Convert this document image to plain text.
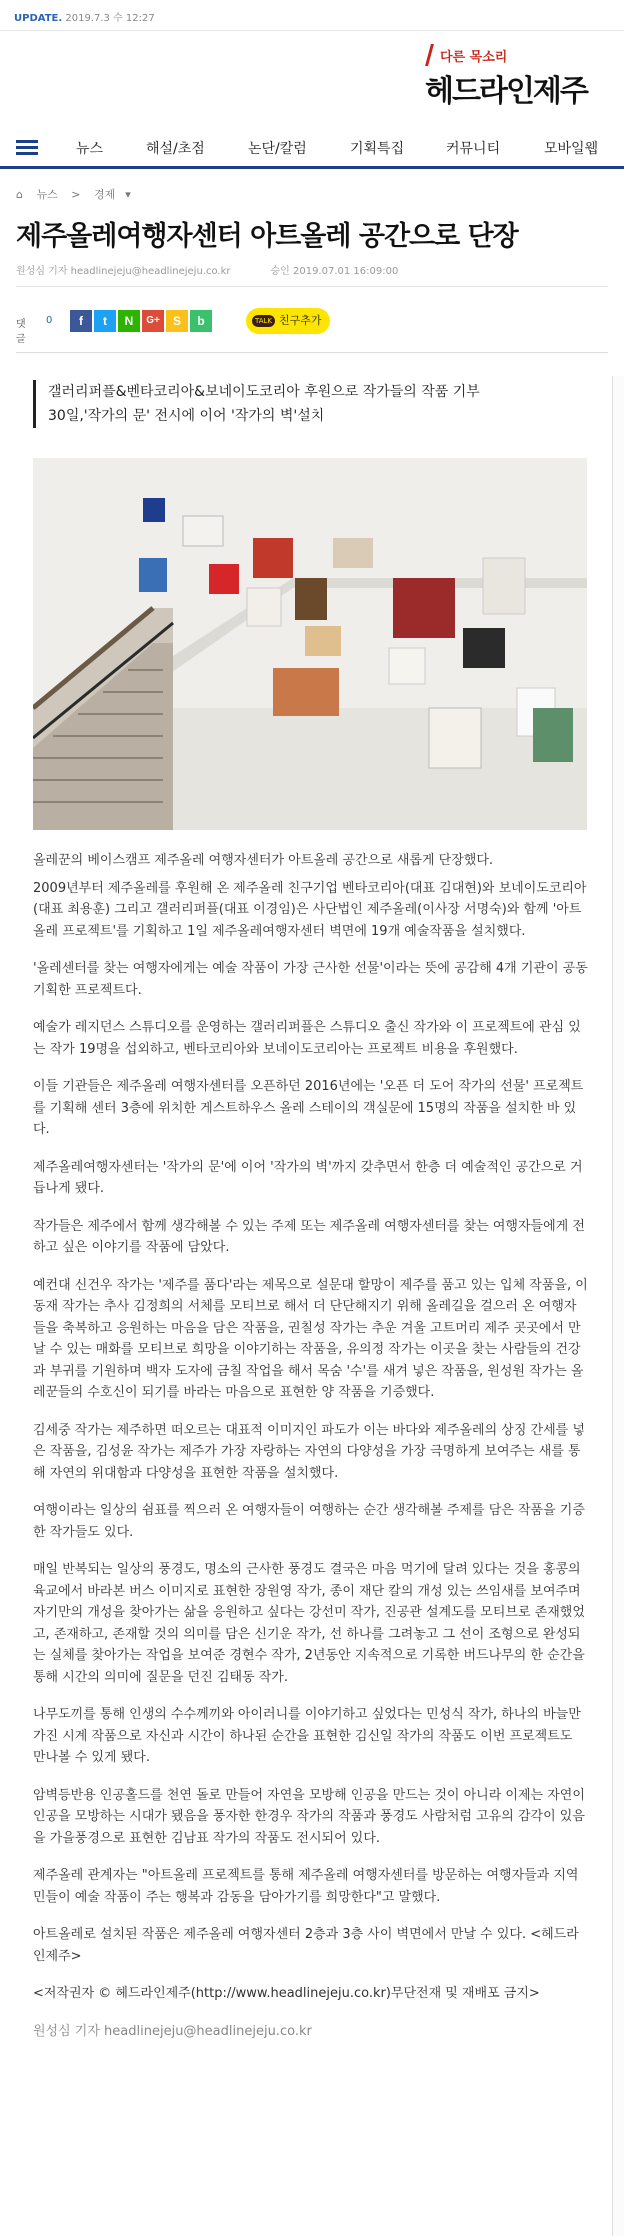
UPDATE. 2019.7.3 수 12:27
다른 목소리
헤드라인제주
뉴스	해설/초점	논단/칼럼	기획특집	커뮤니티	모바일웹
⌂ 뉴스 > 경제 ▾
제주올레여행자센터 아트올레 공간으로 단장
원성심 기자 headlinejeju@headlinejeju.co.kr	승인 2019.07.01 16:09:00
댓글
0	f	t	N	G+	S	b	TALK 친구추가
갤러리퍼플&벤타코리아&보네이도코리아 후원으로 작가들의 작품 기부
30일,'작가의 문' 전시에 이어 '작가의 벽'설치

올레꾼의 베이스캠프 제주올레 여행자센터가 아트올레 공간으로 새롭게 단장했다.

2009년부터 제주올레를 후원해 온 제주올레 친구기업 벤타코리아(대표 김대현)와 보네이도코리아(대표 최용훈) 그리고 갤러리퍼플(대표 이경임)은 사단법인 제주올레(이사장 서명숙)와 함께 '아트올레 프로젝트'를 기획하고 1일 제주올레여행자센터 벽면에 19개 예술작품을 설치했다.

'올레센터를 찾는 여행자에게는 예술 작품이 가장 근사한 선물'이라는 뜻에 공감해 4개 기관이 공동 기획한 프로젝트다.

예술가 레지던스 스튜디오를 운영하는 갤러리퍼플은 스튜디오 출신 작가와 이 프로젝트에 관심 있는 작가 19명을 섭외하고, 벤타코리아와 보네이도코리아는 프로젝트 비용을 후원했다.

이들 기관들은 제주올레 여행자센터를 오픈하던 2016년에는 '오픈 더 도어 작가의 선물' 프로젝트를 기획해 센터 3층에 위치한 게스트하우스 올레 스테이의 객실문에 15명의 작품을 설치한 바 있다.

제주올레여행자센터는 '작가의 문'에 이어 '작가의 벽'까지 갖추면서 한층 더 예술적인 공간으로 거듭나게 됐다.

작가들은 제주에서 함께 생각해볼 수 있는 주제 또는 제주올레 여행자센터를 찾는 여행자들에게 전하고 싶은 이야기를 작품에 담았다.

예컨대 신건우 작가는 '제주를 품다'라는 제목으로 설문대 할망이 제주를 품고 있는 입체 작품을, 이동재 작가는 추사 김정희의 서체를 모티브로 해서 더 단단해지기 위해 올레길을 걸으러 온 여행자들을 축복하고 응원하는 마음을 담은 작품을, 권칠성 작가는 추운 겨울 고트머리 제주 곳곳에서 만날 수 있는 매화를 모티브로 희망을 이야기하는 작품을, 유의정 작가는 이곳을 찾는 사람들의 건강과 부귀를 기원하며 백자 도자에 금칠 작업을 해서 목숨 '수'를 새겨 넣은 작품을, 원성원 작가는 올레꾼들의 수호신이 되기를 바라는 마음으로 표현한 양 작품을 기증했다.

김세중 작가는 제주하면 떠오르는 대표적 이미지인 파도가 이는 바다와 제주올레의 상징 간세를 넣은 작품을, 김성윤 작가는 제주가 가장 자랑하는 자연의 다양성을 가장 극명하게 보여주는 새를 통해 자연의 위대함과 다양성을 표현한 작품을 설치했다.

여행이라는 일상의 쉼표를 찍으러 온 여행자들이 여행하는 순간 생각해볼 주제를 담은 작품을 기증한 작가들도 있다.

매일 반복되는 일상의 풍경도, 명소의 근사한 풍경도 결국은 마음 먹기에 달려 있다는 것을 홍콩의 육교에서 바라본 버스 이미지로 표현한 장원영 작가, 종이 재단 칼의 개성 있는 쓰임새를 보여주며 자기만의 개성을 찾아가는 삶을 응원하고 싶다는 강선미 작가, 진공관 설계도를 모티브로 존재했었고, 존재하고, 존재할 것의 의미를 담은 신기운 작가, 선 하나를 그려놓고 그 선이 조형으로 완성되는 실체를 찾아가는 작업을 보여준 경현수 작가, 2년동안 지속적으로 기록한 버드나무의 한 순간을 통해 시간의 의미에 질문을 던진 김태동 작가.

나무도끼를 통해 인생의 수수께끼와 아이러니를 이야기하고 싶었다는 민성식 작가, 하나의 바늘만 가진 시계 작품으로 자신과 시간이 하나된 순간을 표현한 김신일 작가의 작품도 이번 프로젝트도 만나볼 수 있게 됐다.

암벽등반용 인공홀드를 천연 돌로 만들어 자연을 모방해 인공을 만드는 것이 아니라 이제는 자연이 인공을 모방하는 시대가 됐음을 풍자한 한경우 작가의 작품과 풍경도 사람처럼 고유의 감각이 있음을 가을풍경으로 표현한 김남표 작가의 작품도 전시되어 있다.

제주올레 관계자는 "아트올레 프로젝트를 통해 제주올레 여행자센터를 방문하는 여행자들과 지역민들이 예술 작품이 주는 행복과 감동을 담아가기를 희망한다"고 말했다.

아트올레로 설치된 작품은 제주올레 여행자센터 2층과 3층 사이 벽면에서 만날 수 있다. <헤드라인제주>

<저작권자 © 헤드라인제주(http://www.headlinejeju.co.kr)무단전재 및 재배포 금지>

원성심 기자 headlinejeju@headlinejeju.co.kr
